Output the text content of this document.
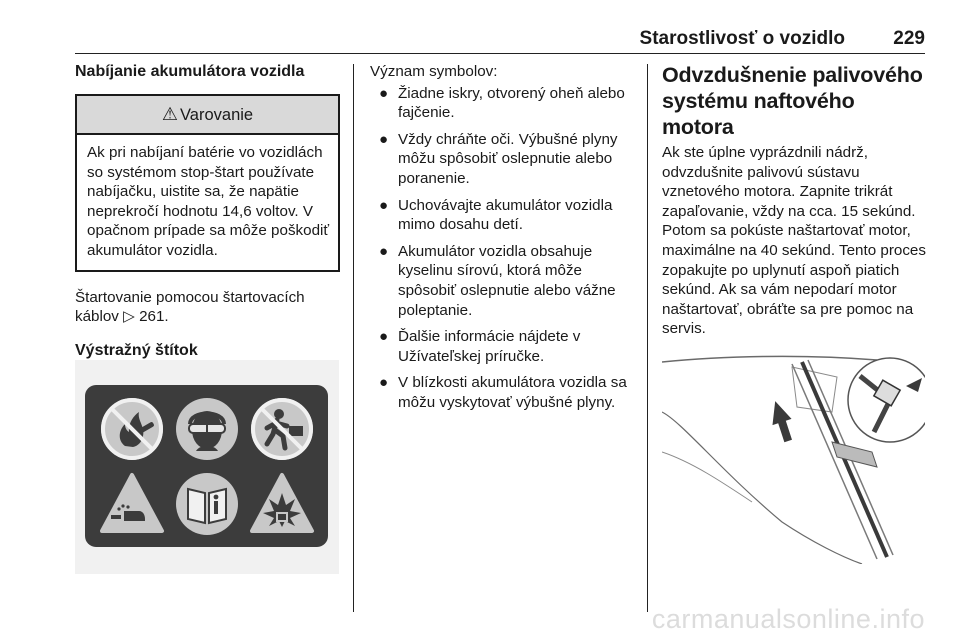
Starostlivosť o vozidlo	229
Nabíjanie akumulátora vozidla
⚠ Varovanie
Ak pri nabíjaní batérie vo vozidlách so systémom stop-štart používate nabíjačku, uistite sa, že napätie neprekročí hodnotu 14,6 voltov. V opačnom prípade sa môže poškodiť akumulátor vozidla.
Štartovanie pomocou štartovacích káblov ▷ 261.
Výstražný štítok
Význam symbolov:
● Žiadne iskry, otvorený oheň alebo fajčenie.
● Vždy chráňte oči. Výbušné plyny môžu spôsobiť oslepnutie alebo poranenie.
● Uchovávajte akumulátor vozidla mimo dosahu detí.
● Akumulátor vozidla obsahuje kyselinu sírovú, ktorá môže spôsobiť oslepnutie alebo vážne poleptanie.
● Ďalšie informácie nájdete v Užívateľskej príručke.
● V blízkosti akumulátora vozidla sa môžu vyskytovať výbušné plyny.
Odvzdušnenie palivového systému naftového motora
Ak ste úplne vyprázdnili nádrž, odvzdušnite palivovú sústavu vznetového motora. Zapnite trikrát zapaľovanie, vždy na cca. 15 sekúnd. Potom sa pokúste naštartovať motor, maximálne na 40 sekúnd. Tento proces zopakujte po uplynutí aspoň piatich sekúnd. Ak sa vám nepodarí motor naštartovať, obráťte sa pre pomoc na servis.
carmanualsonline.info
